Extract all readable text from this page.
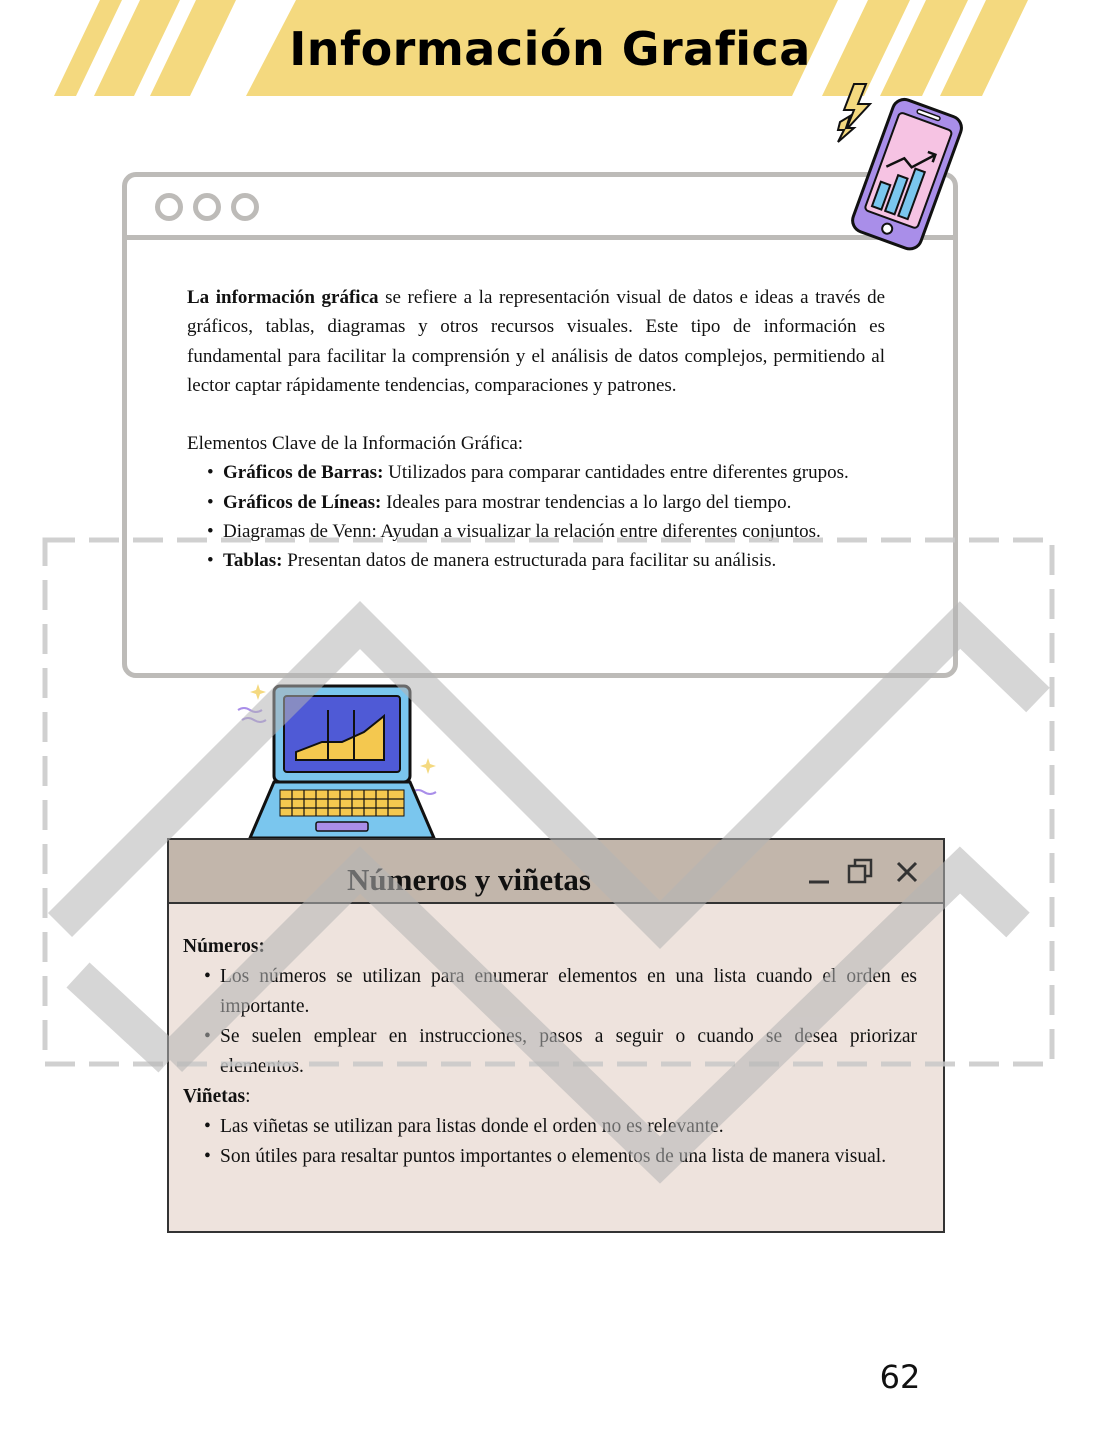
Información Grafica

La información gráfica se refiere a la representación visual de datos e ideas a través de gráficos, tablas, diagramas y otros recursos visuales. Este tipo de información es fundamental para facilitar la comprensión y el análisis de datos complejos, permitiendo al lector captar rápidamente tendencias, comparaciones y patrones.

Elementos Clave de la Información Gráfica:

• Gráficos de Barras: Utilizados para comparar cantidades entre diferentes grupos.
• Gráficos de Líneas: Ideales para mostrar tendencias a lo largo del tiempo.
• Diagramas de Venn: Ayudan a visualizar la relación entre diferentes conjuntos.
• Tablas: Presentan datos de manera estructurada para facilitar su análisis.
Números y viñetas

Números:

• Los números se utilizan para enumerar elementos en una lista cuando el orden es importante.
• Se suelen emplear en instrucciones, pasos a seguir o cuando se desea priorizar elementos.

Viñetas:

• Las viñetas se utilizan para listas donde el orden no es relevante.
• Son útiles para resaltar puntos importantes o elementos de una lista de manera visual.
62
